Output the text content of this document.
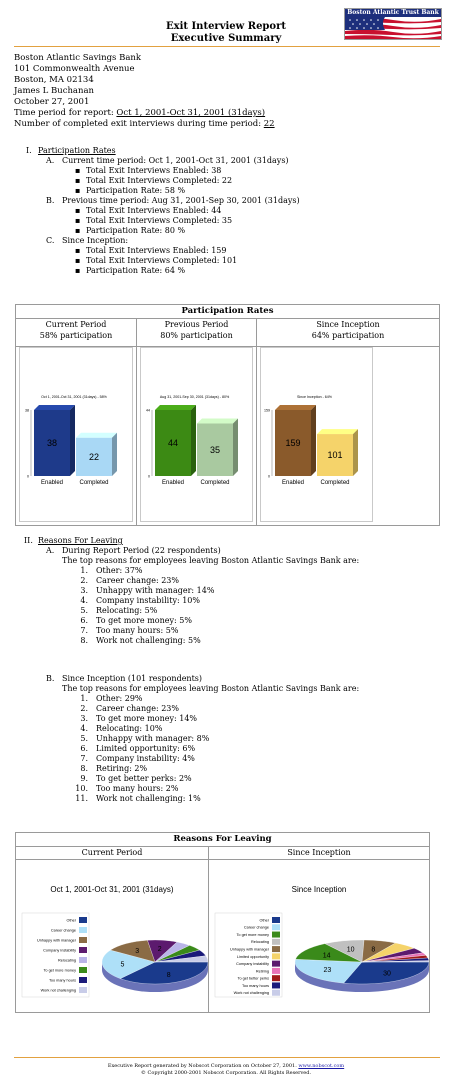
Exit Interview Report
Executive Summary
Boston Atlantic Trust Bank
Boston Atlantic Savings Bank
101 Commonwealth Avenue
Boston, MA 02134
James L Buchanan
October 27, 2001
Time period for report: Oct 1, 2001-Oct 31, 2001 (31days)
Number of completed exit interviews during time period: 22
I. Participation Rates
A. Current time period: Oct 1, 2001-Oct 31, 2001 (31days)
▪ Total Exit Interviews Enabled: 38
▪ Total Exit Interviews Completed: 22
▪ Participation Rate: 58 %
B. Previous time period: Aug 31, 2001-Sep 30, 2001 (31days)
▪ Total Exit Interviews Enabled: 44
▪ Total Exit Interviews Completed: 35
▪ Participation Rate: 80 %
C. Since Inception:
▪ Total Exit Interviews Enabled: 159
▪ Total Exit Interviews Completed: 101
▪ Participation Rate: 64 %
Participation Rates
Current Period
58% participation
Oct 1, 2001-Oct 31, 2001 (31days) - 58%
0
38
38
Enabled
22
Completed
Previous Period
80% participation
Aug 31, 2001-Sep 30, 2001 (31days) - 80%
0
44
44
Enabled
35
Completed
Since Inception
64% participation
Since Inception - 64%
0
159
159
Enabled
101
Completed
II. Reasons For Leaving
A. During Report Period (22 respondents)
The top reasons for employees leaving Boston Atlantic Savings Bank are:
1. Other: 37%
2. Career change: 23%
3. Unhappy with manager: 14%
4. Company instability: 10%
5. Relocating: 5%
6. To get more money: 5%
7. Too many hours: 5%
8. Work not challenging: 5%
B. Since Inception (101 respondents)
The top reasons for employees leaving Boston Atlantic Savings Bank are:
1. Other: 29%
2. Career change: 23%
3. To get more money: 14%
4. Relocating: 10%
5. Unhappy with manager: 8%
6. Limited opportunity: 6%
7. Company instability: 4%
8. Retiring: 2%
9. To get better perks: 2%
10. Too many hours: 2%
11. Work not challenging: 1%
Reasons For Leaving
Current Period
Oct 1, 2001-Oct 31, 2001 (31days)
Other
Career change
Unhappy with manager
Company instability
Relocating
To get more money
Too many hours
Work not challenging
8
5
3	2
Since Inception
Since Inception
Other
Career change
To get more money
Relocating
Unhappy with manager
Limited opportunity
Company instability
Retiring
To get better perks
Too many hours
Work not challenging
30
23
14
10 8
Executive Report generated by Nobscot Corporation on October 27, 2001. www.nobscot.com
© Copyright 2000-2001 Nobscot Corporation. All Rights Reserved.
